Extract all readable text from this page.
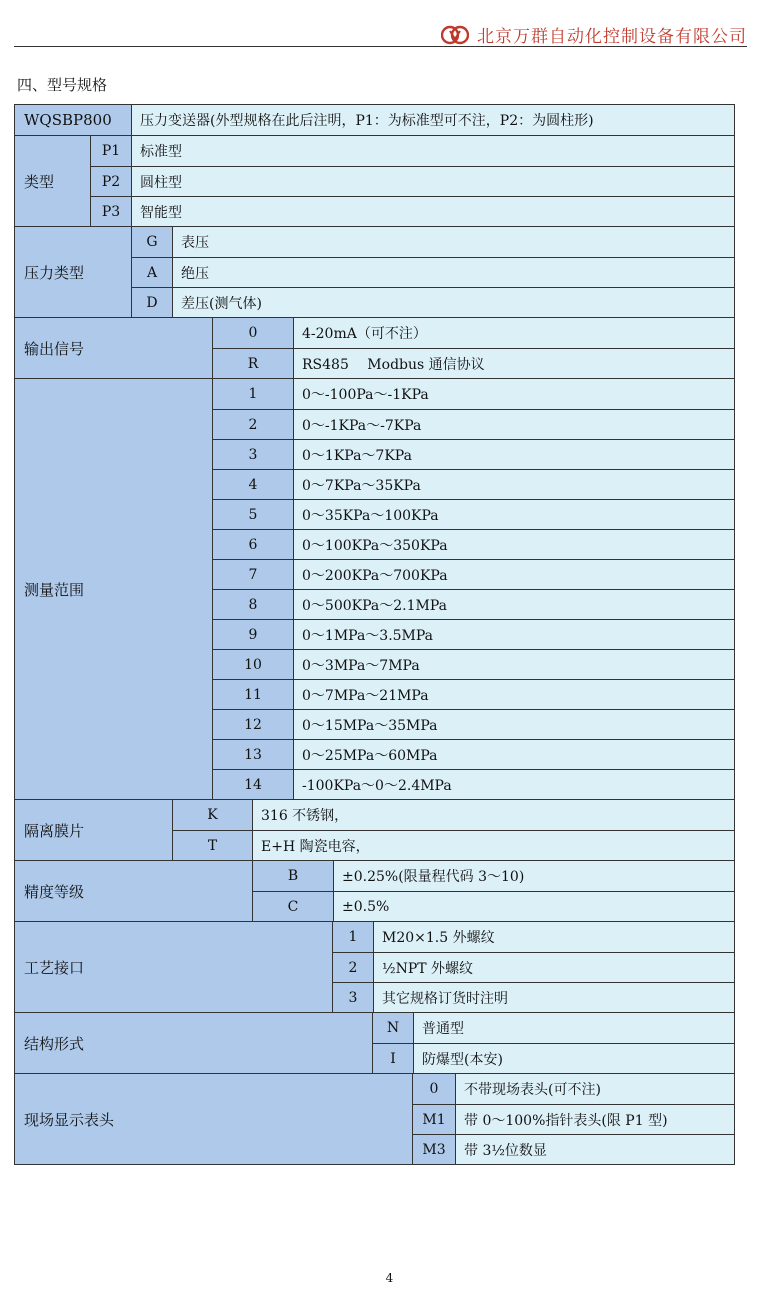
北京万群自动化控制设备有限公司
四、型号规格
WQSBP800	压力变送器(外型规格在此后注明，P1：为标准型可不注，P2：为圆柱形)
类型
P1	标准型
P2	圆柱型
P3	智能型
压力类型
G	表压
A	绝压
D	差压(测气体)
输出信号
0	4-20mA（可不注）
R	RS485　 Modbus 通信协议
测量范围
1	0～-100Pa～-1KPa
2	0～-1KPa～-7KPa
3	0～1KPa～7KPa
4	0～7KPa～35KPa
5	0～35KPa～100KPa
6	0～100KPa～350KPa
7	0～200KPa～700KPa
8	0～500KPa～2.1MPa
9	0～1MPa～3.5MPa
10	0～3MPa～7MPa
11	0～7MPa～21MPa
12	0～15MPa～35MPa
13	0～25MPa～60MPa
14	-100KPa～0～2.4MPa
隔离膜片
K	316 不锈钢，
T	E+H 陶瓷电容，
精度等级
B	±0.25%(限量程代码 3～10)
C	±0.5%
工艺接口
1	M20×1.5 外螺纹
2	½NPT 外螺纹
3	其它规格订货时注明
结构形式
N	普通型
I	防爆型(本安)
现场显示表头
0	不带现场表头(可不注)
M1	带 0～100%指针表头(限 P1 型)
M3	带 3½位数显
4
